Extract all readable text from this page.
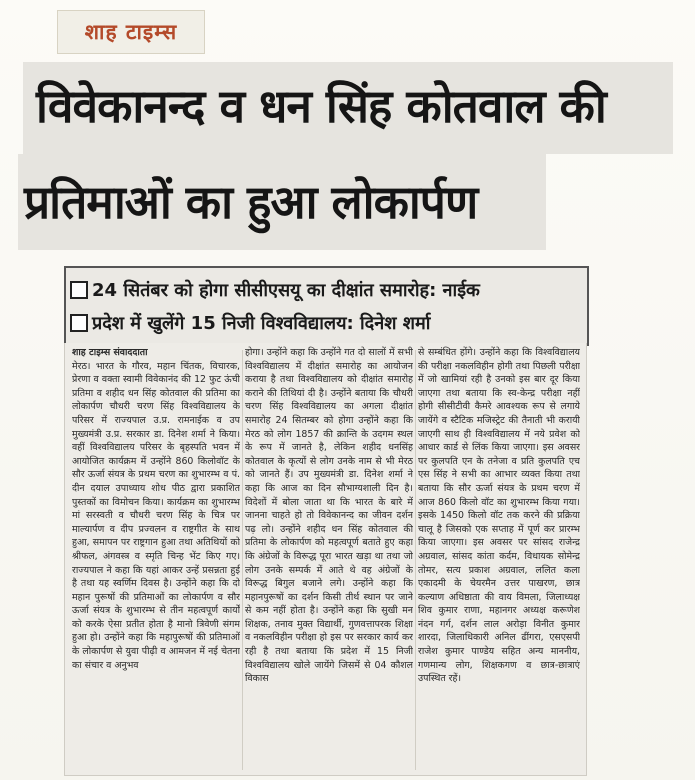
शाह टाइम्स
विवेकानन्द व धन सिंह कोतवाल की
प्रतिमाओं का हुआ लोकार्पण
24 सितंबर को होगा सीसीएसयू का दीक्षांत समारोह: नाईक
प्रदेश में खुलेंगे 15 निजी विश्वविद्यालय: दिनेश शर्मा

शाह टाइम्स संवाददाता

मेरठ। भारत के गौरव, महान चिंतक, विचारक, प्रेरणा व वक्ता स्वामी विवेकानंद की 12 फुट ऊंची प्रतिमा व शहीद धन सिंह कोतवाल की प्रतिमा का लोकार्पण चौधरी चरण सिंह विश्वविद्यालय के परिसर में राज्यपाल उ.प्र. रामनाईक व उप मुख्यमंत्री उ.प्र. सरकार डा. दिनेश शर्मा ने किया। वहीं विश्वविद्यालय परिसर के बृहस्पति भवन में आयोजित कार्यक्रम में उन्होंने 860 किलोवॉट के सौर ऊर्जा संयत्र के प्रथम चरण का शुभारम्भ व पं. दीन दयाल उपाध्याय शोध पीठ द्वारा प्रकाशित पुस्तकों का विमोचन किया। कार्यक्रम का शुभारम्भ मां सरस्वती व चौधरी चरण सिंह के चित्र पर माल्यार्पण व दीप प्रज्वलन व राष्ट्रगीत के साथ हुआ, समापन पर राष्ट्रगान हुआ तथा अतिथियों को श्रीफल, अंगवस्त्र व स्मृति चिन्ह भेंट किए गए। राज्यपाल ने कहा कि यहां आकर उन्हें प्रसन्नता हुई है तथा यह स्वर्णिम दिवस है। उन्होंने कहा कि दो महान पुरूषों की प्रतिमाओं का लोकार्पण व सौर ऊर्जा संयत्र के शुभारम्भ से तीन महत्वपूर्ण कार्यों को करके ऐसा प्रतीत होता है मानो त्रिवेणी संगम हुआ हो। उन्होंने कहा कि महापुरूषों की प्रतिमाओं के लोकार्पण से युवा पीढ़ी व आमजन में नई चेतना का संचार व अनुभव

होगा। उन्होंने कहा कि उन्होंने गत दो सालों में सभी विश्वविद्यालय में दीक्षांत समारोह का आयोजन कराया है तथा विश्वविद्यालय को दीक्षांत समारोह कराने की तिथियां दी है। उन्होंने बताया कि चौधरी चरण सिंह विश्वविद्यालय का अगला दीक्षांत समारोह 24 सितम्बर को होगा उन्होंने कहा कि मेरठ को लोग 1857 की क्रान्ति के उदगम स्थल के रूप में जानते है, लेकिन शहीद धनसिंह कोतवाल के कृत्यों से लोग उनके नाम से भी मेरठ को जानते हैं। उप मुख्यमंत्री डा. दिनेश शर्मा ने कहा कि आज का दिन सौभाग्यशाली दिन है। विदेशों में बोला जाता था कि भारत के बारे में जानना चाहते हो तो विवेकानन्द का जीवन दर्शन पढ़ लो। उन्होंने शहीद धन सिंह कोतवाल की प्रतिमा के लोकार्पण को महत्वपूर्ण बताते हुए कहा कि अंग्रेजों के विरूद्ध पूरा भारत खड़ा था तथा जो लोग उनके सम्पर्क में आते थे वह अंग्रेजों के विरूद्ध बिगुल बजाने लगे। उन्होंने कहा कि महानपुरूषों का दर्शन किसी तीर्थ स्थान पर जाने से कम नहीं होता है। उन्होंने कहा कि सुखी मन शिक्षक, तनाव मुक्त विद्यार्थी, गुणवत्तापरक शिक्षा व नकलविहीन परीक्षा हो इस पर सरकार कार्य कर रही है तथा बताया कि प्रदेश में 15 निजी विश्वविद्यालय खोले जायेंगे जिसमें से 04 कौशल विकास

से सम्बंधित होंगे। उन्होंने कहा कि विश्वविद्यालय की परीक्षा नकलविहीन होगी तथा पिछली परीक्षा में जो खामियां रही है उनको इस बार दूर किया जाएगा तथा बताया कि स्व-केन्द्र परीक्षा नहीं होगी सीसीटीवी कैमरे आवश्यक रूप से लगाये जायेंगे व स्टैटिक मजिस्ट्रेट की तैनाती भी करायी जाएगी साथ ही विश्वविद्यालय में नये प्रवेश को आधार कार्ड से लिंक किया जाएगा। इस अवसर पर कुलपति एन के तनेजा व प्रति कुलपति एच एस सिंह ने सभी का आभार व्यक्त किया तथा बताया कि सौर ऊर्जा संयत्र के प्रथम चरण में आज 860 किलो वॉट का शुभारम्भ किया गया। इसके 1450 किलो वॉट तक करने की प्रक्रिया चालू है जिसको एक सप्ताह में पूर्ण कर प्रारम्भ किया जाएगा। इस अवसर पर सांसद राजेन्द्र अग्रवाल, सांसद कांता कर्दम, विधायक सोमेन्द्र तोमर, सत्य प्रकाश अग्रवाल, ललित कला एकादमी के चेयरमैन उत्तर पाखरण, छात्र कल्याण अधिष्ठाता की वाय विमला, जिलाध्यक्ष शिव कुमार राणा, महानगर अध्यक्ष करूणेश नंदन गर्ग, दर्शन लाल अरोड़ा विनीत कुमार शारदा, जिलाधिकारी अनिल ढींगरा, एसएसपी राजेश कुमार पाण्डेय सहित अन्य माननीय, गणमान्य लोग, शिक्षकगण व छात्र-छात्राएं उपस्थित रहें।
